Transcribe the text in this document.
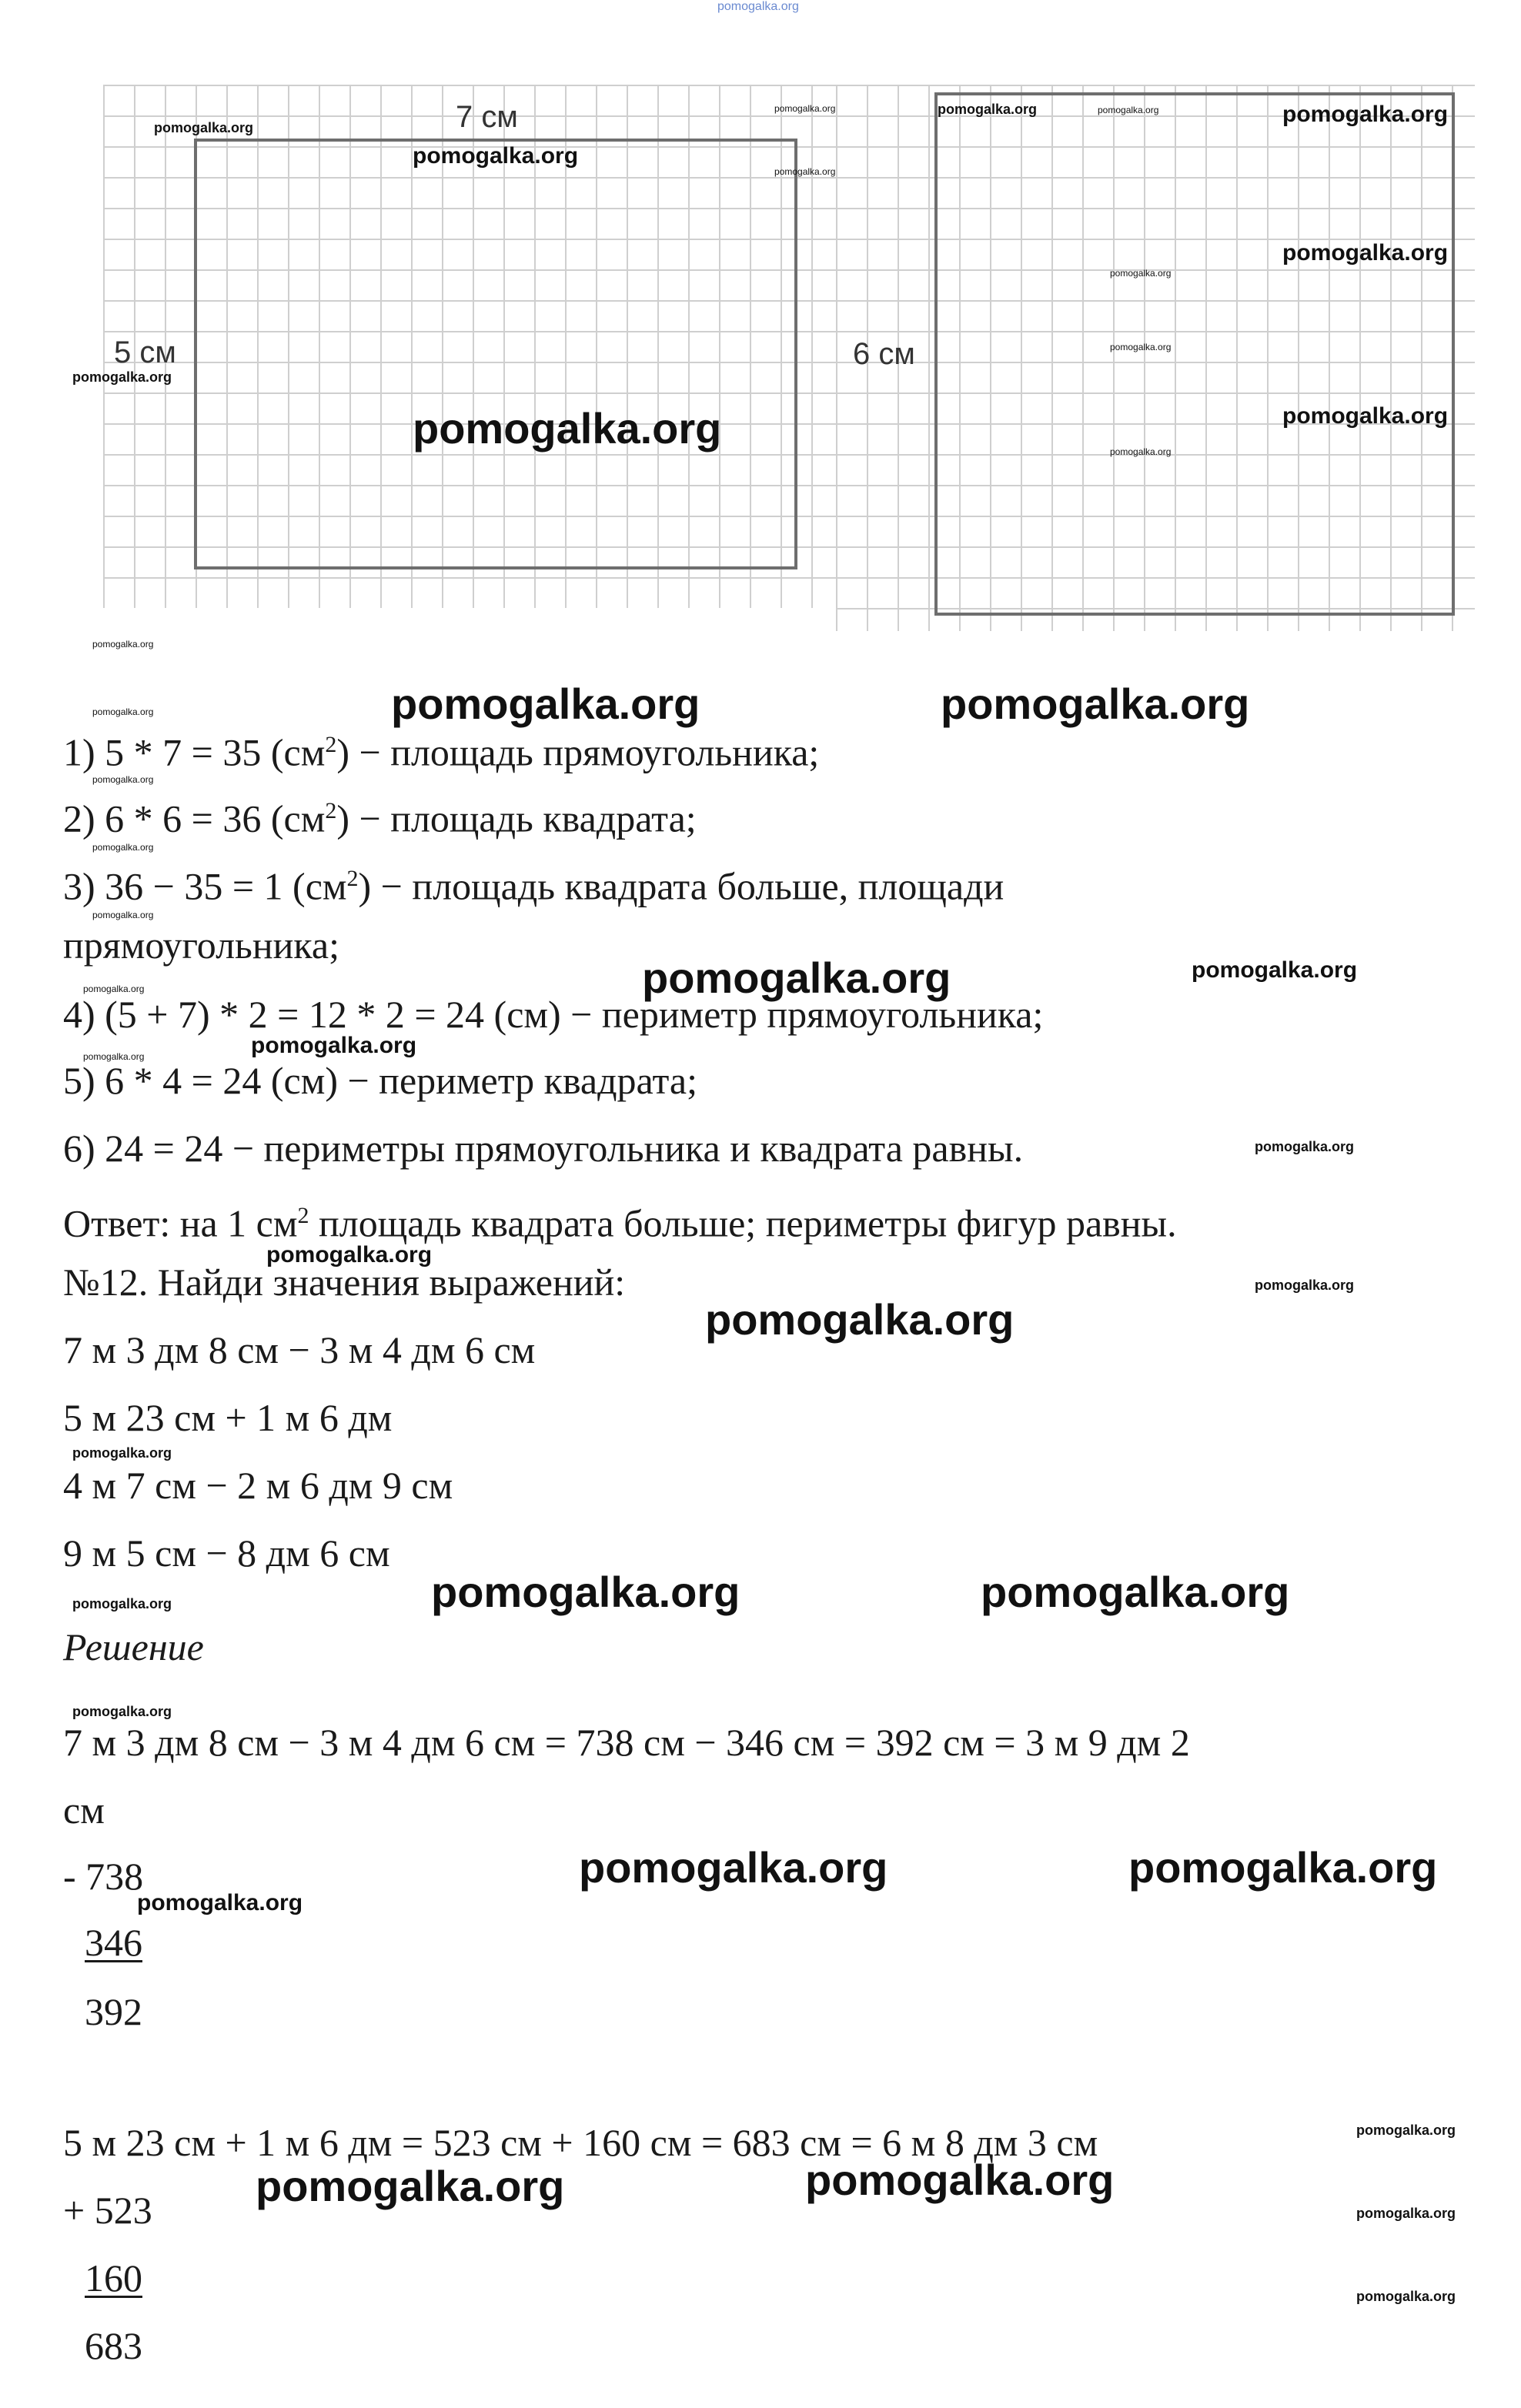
pomogalka.org
7 см
5 см	6 см
1) 5 * 7 = 35 $(см^2)$ − площадь прямоугольника;
2) 6 * 6 = 36 $(см^2)$ − площадь квадрата;
3) 36 − 35 = 1 $(см^2)$ − площадь квадрата больше, площади
прямоугольника;
4) (5 + 7) * 2 = 12 * 2 = 24 (см) − периметр прямоугольника;
5) 6 * 4 = 24 (см) − периметр квадрата;
6) 24 = 24 − периметры прямоугольника и квадрата равны.
Ответ: на 1 $см^2$ площадь квадрата больше; периметры фигур равны.
№12. Найди значения выражений:
7 м 3 дм 8 см − 3 м 4 дм 6 см
5 м 23 см + 1 м 6 дм
4 м 7 см − 2 м 6 дм 9 см
9 м 5 см − 8 дм 6 см
Решение
7 м 3 дм 8 см − 3 м 4 дм 6 см = 738 см − 346 см = 392 см = 3 м 9 дм 2
см
- 738
346
392
5 м 23 см + 1 м 6 дм = 523 см + 160 см = 683 см = 6 м 8 дм 3 см
+ 523
160
683
pomogalka.org
pomogalka.org
pomogalka.org
pomogalka.org
pomogalka.org
pomogalka.org
pomogalka.org	pomogalka.org	pomogalka.org
pomogalka.org
pomogalka.org
pomogalka.org
pomogalka.org
pomogalka.org
pomogalka.org
pomogalka.org	pomogalka.org	pomogalka.org
pomogalka.org
pomogalka.org
pomogalka.org
pomogalka.org	pomogalka.org
pomogalka.org
pomogalka.org
pomogalka.org
pomogalka.org
pomogalka.org
pomogalka.org
pomogalka.org
pomogalka.org
pomogalka.org	pomogalka.org	pomogalka.org
pomogalka.org
pomogalka.org	pomogalka.org
pomogalka.org
pomogalka.org
pomogalka.org	pomogalka.org
pomogalka.org
pomogalka.org
